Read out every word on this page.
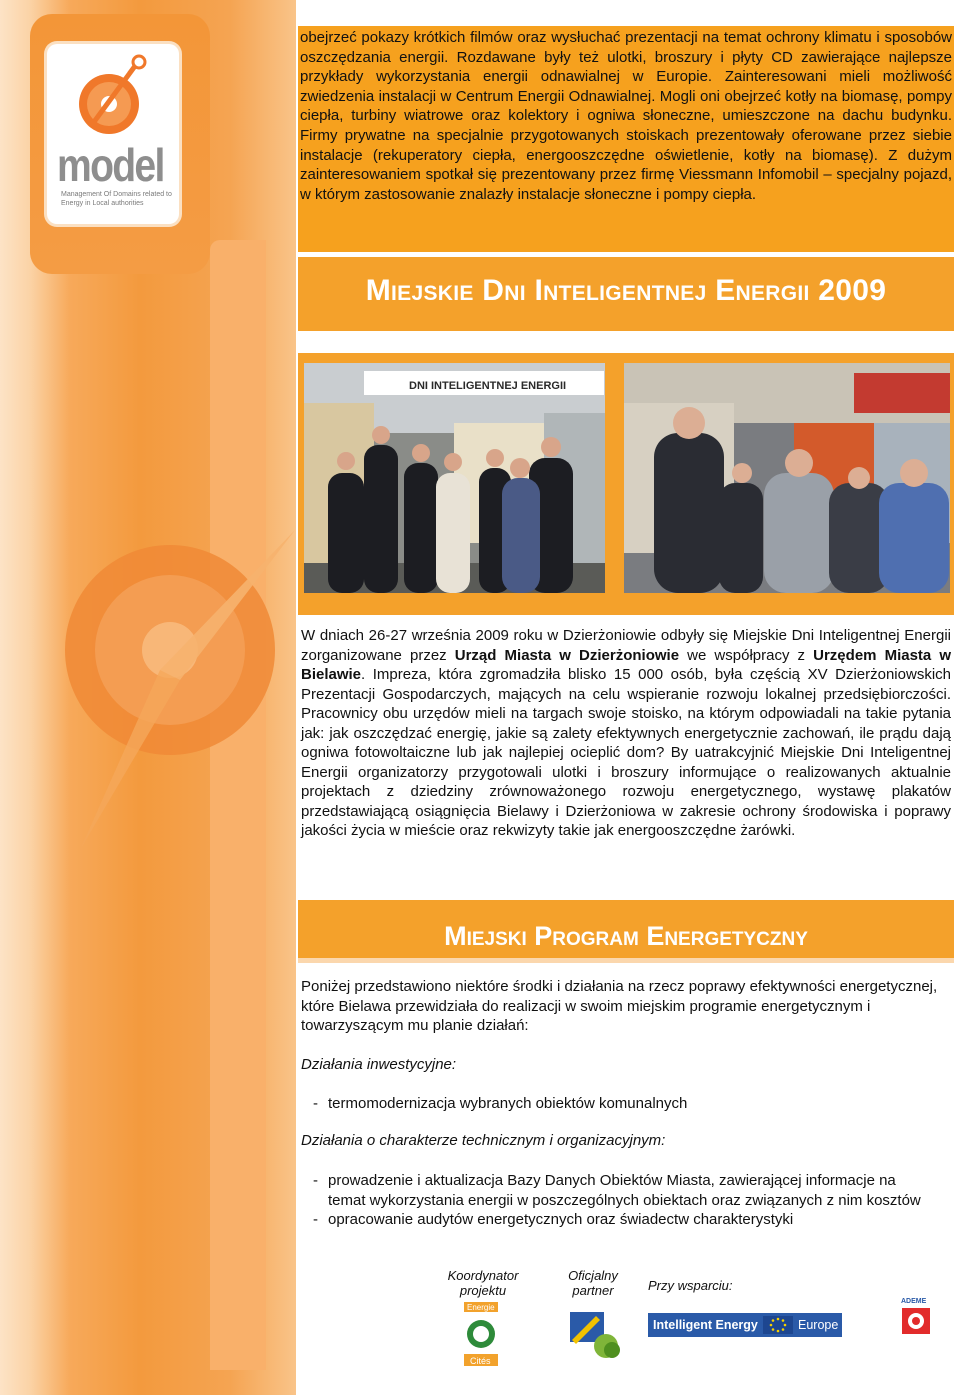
model
Management Of Domains related to Energy in Local authorities
obejrzeć pokazy krótkich filmów oraz wysłuchać prezentacji na temat ochrony klimatu i sposobów oszczędzania energii. Rozdawane były też ulotki, broszury i płyty CD zawierające najlepsze przykłady wykorzystania energii odnawialnej w Europie. Zainteresowani mieli możliwość zwiedzenia instalacji w Centrum Energii Odnawialnej. Mogli oni obejrzeć kotły na biomasę, pompy ciepła, turbiny wiatrowe oraz kolektory i ogniwa słoneczne, umieszczone na dachu budynku. Firmy prywatne na specjalnie przygotowanych stoiskach prezentowały oferowane przez siebie instalacje (rekuperatory ciepła, energooszczędne oświetlenie, kotły na biomasę). Z dużym zainteresowaniem spotkał się prezentowany przez firmę Viessmann Infomobil – specjalny pojazd, w którym zastosowanie znalazły instalacje słoneczne i pompy ciepła.
Miejskie Dni Inteligentnej Energii 2009
DNI INTELIGENTNEJ ENERGII
W dniach 26-27 września 2009 roku w Dzierżoniowie odbyły się Miejskie Dni Inteligentnej Energii zorganizowane przez Urząd Miasta w Dzierżoniowie we współpracy z Urzędem Miasta w Bielawie. Impreza, która zgromadziła blisko 15 000 osób, była częścią XV Dzierżoniowskich Prezentacji Gospodarczych, mających na celu wspieranie rozwoju lokalnej przedsiębiorczości. Pracownicy obu urzędów mieli na targach swoje stoisko, na którym odpowiadali na takie pytania jak: jak oszczędzać energię, jakie są zalety efektywnych energetycznie zachowań, ile prądu dają ogniwa fotowoltaiczne lub jak najlepiej ocieplić dom? By uatrakcyjnić Miejskie Dni Inteligentnej Energii organizatorzy przygotowali ulotki i broszury informujące o realizowanych aktualnie projektach z dziedziny zrównoważonego rozwoju energetycznego, wystawę plakatów przedstawiającą osiągnięcia Bielawy i Dzierżoniowa w zakresie ochrony środowiska i poprawy jakości życia w mieście oraz rekwizyty takie jak energooszczędne żarówki.
Miejski Program Energetyczny
Poniżej przedstawiono niektóre środki i działania na rzecz poprawy efektywności energetycznej, które Bielawa przewidziała do realizacji w swoim miejskim programie energetycznym i towarzyszącym mu planie działań:
Działania inwestycyjne:
- termomodernizacja wybranych obiektów komunalnych
Działania o charakterze technicznym i organizacyjnym:
- prowadzenie i aktualizacja Bazy Danych Obiektów Miasta, zawierającej informacje na temat wykorzystania energii w poszczególnych obiektach oraz związanych z nim kosztów
- opracowanie audytów energetycznych oraz świadectw charakterystyki
Koordynator projektu
Oficjalny partner	Przy wsparciu:
Energie
Cités
Intelligent Energy	Europe
ADEME
